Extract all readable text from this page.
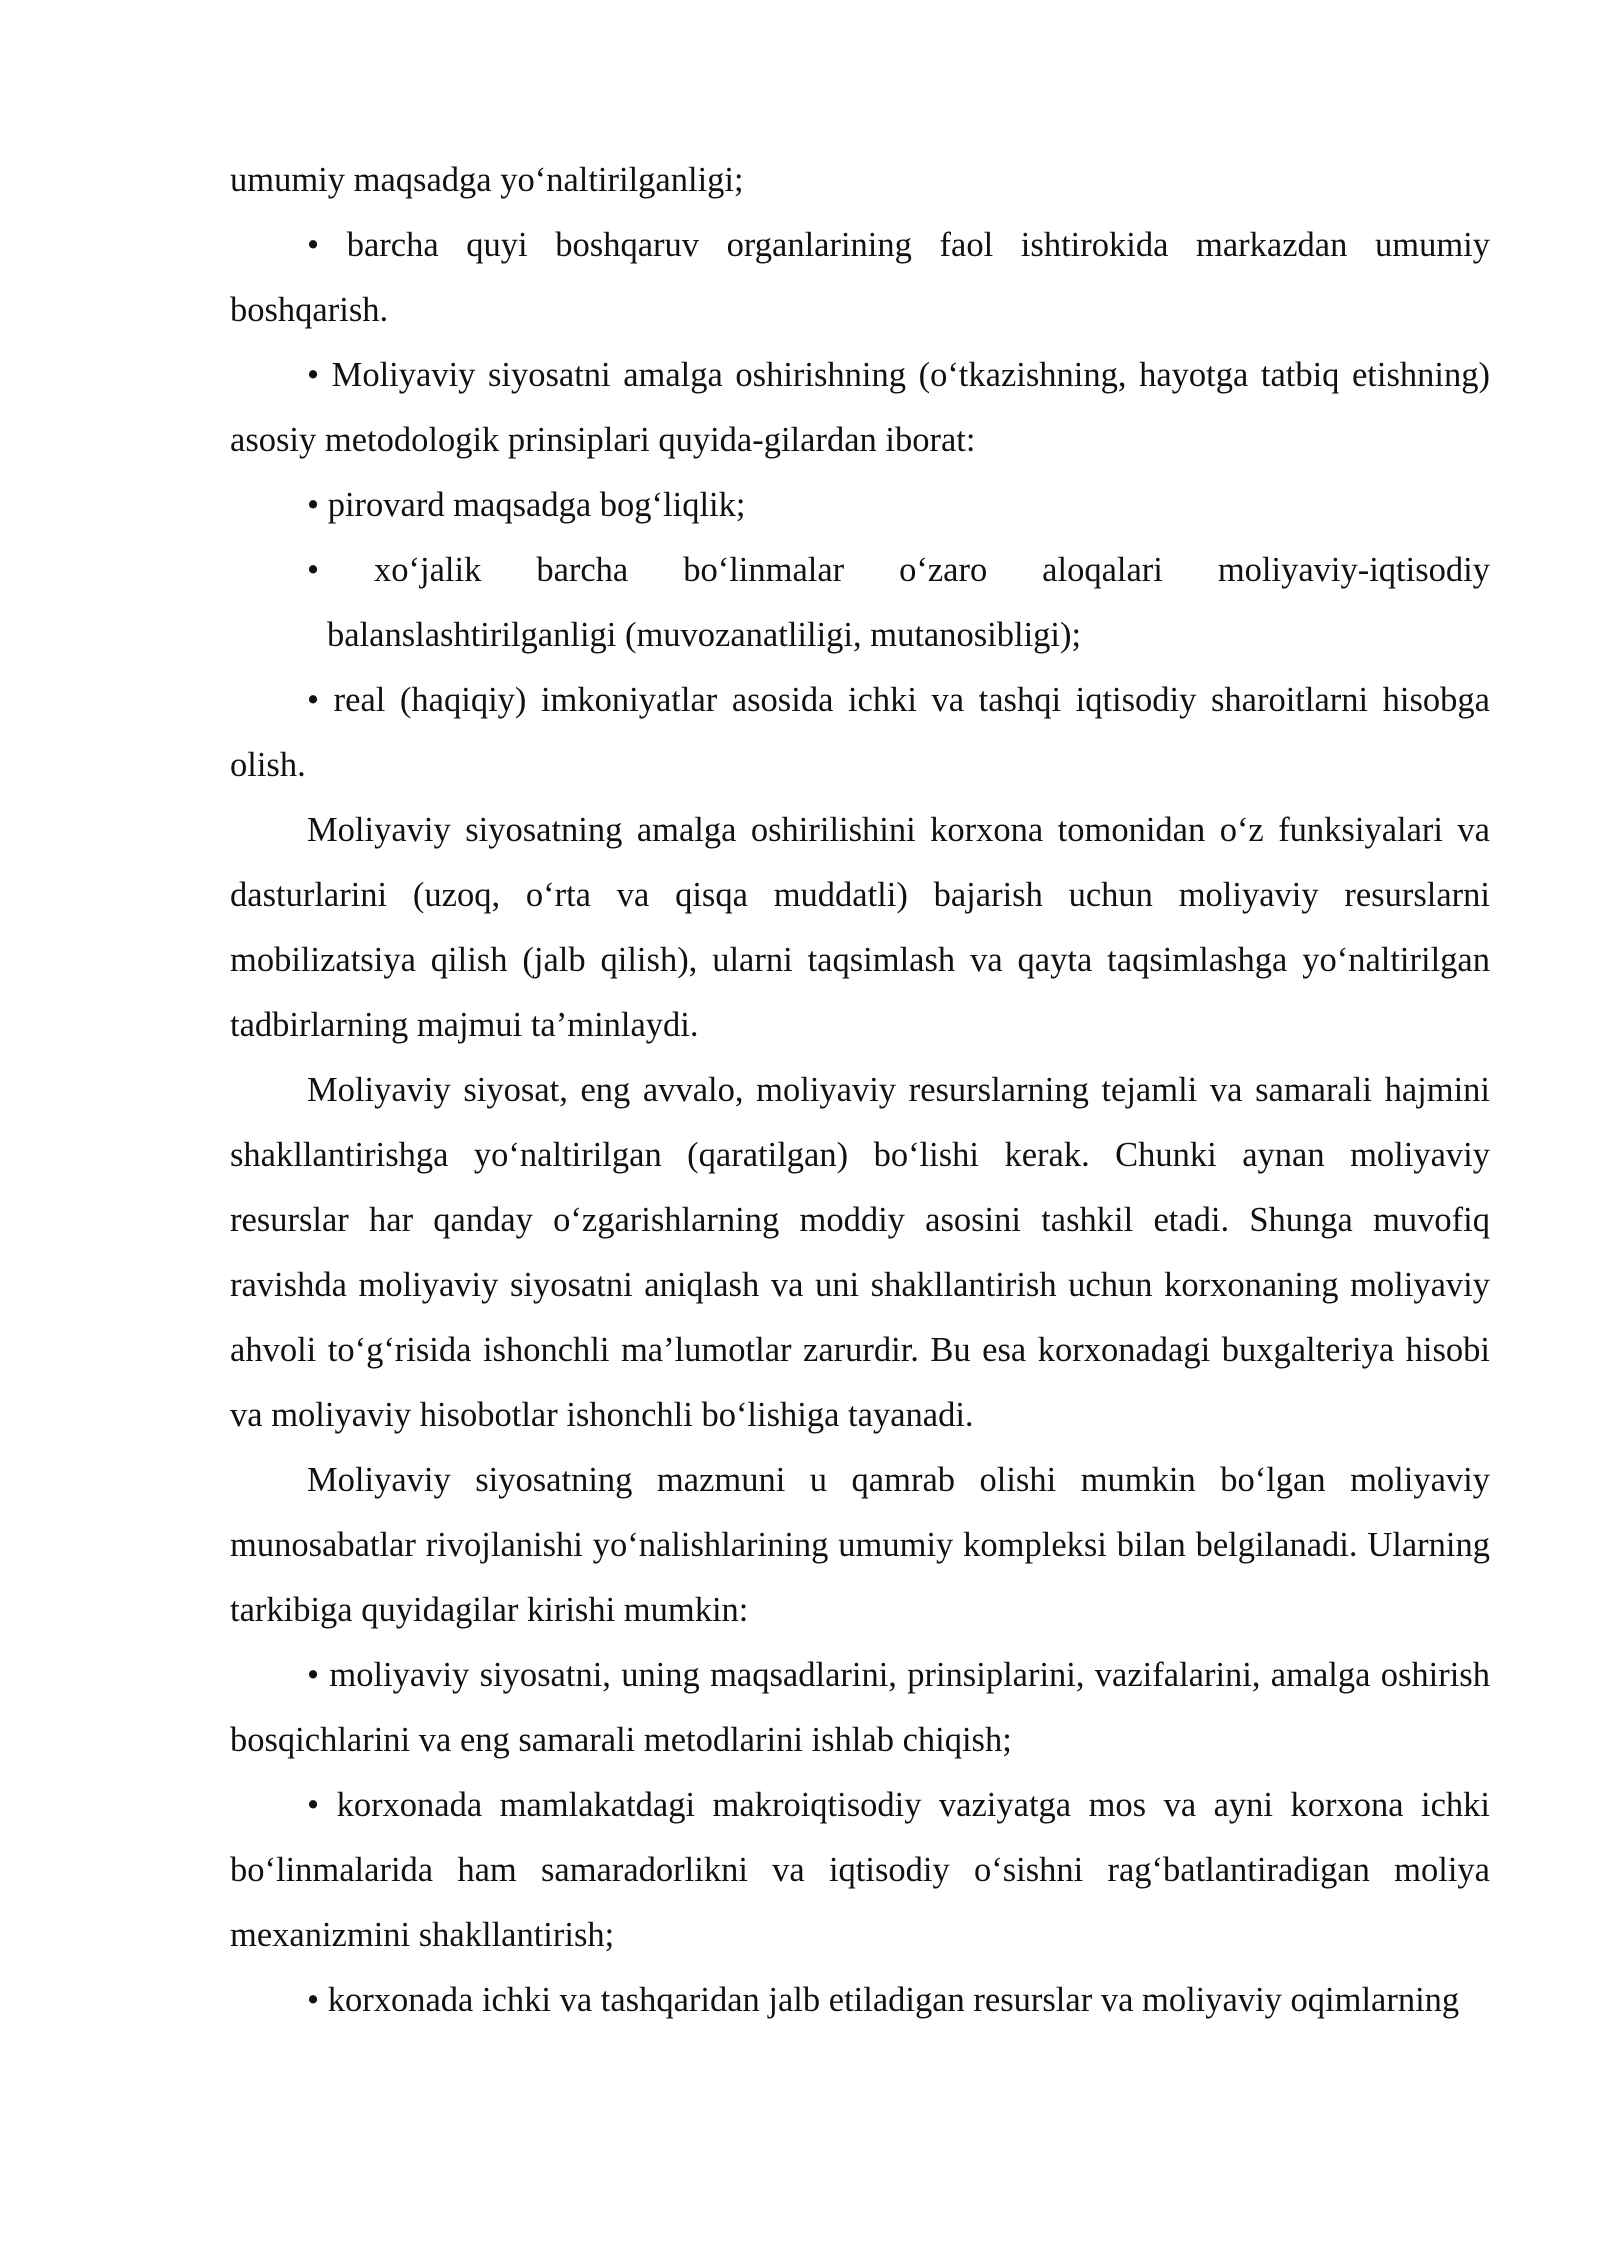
umumiy maqsadga yo‘naltirilganligi;

• barcha quyi boshqaruv organlarining faol ishtirokida markazdan umumiy boshqarish.

• Moliyaviy siyosatni amalga oshirishning (o‘tkazishning, hayotga tatbiq etishning) asosiy metodologik prinsiplari quyida-gilardan iborat:

• pirovard maqsadga bog‘liqlik;

• xo‘jalik barcha bo‘linmalar o‘zaro aloqalari moliyaviy-iqtisodiy

balanslashtirilganligi (muvozanatliligi, mutanosibligi);

• real (haqiqiy) imkoniyatlar asosida ichki va tashqi iqtisodiy sharoitlarni hisobga olish.

Moliyaviy siyosatning amalga oshirilishini korxona tomonidan o‘z funksiyalari va dasturlarini (uzoq, o‘rta va qisqa muddatli) bajarish uchun moliyaviy resurslarni mobilizatsiya qilish (jalb qilish), ularni taqsimlash va qayta taqsimlashga yo‘naltirilgan tadbirlarning majmui ta’minlaydi.

Moliyaviy siyosat, eng avvalo, moliyaviy resurslarning tejamli va samarali hajmini shakllantirishga yo‘naltirilgan (qaratilgan) bo‘lishi kerak. Chunki aynan moliyaviy resurslar har qanday o‘zgarishlarning moddiy asosini tashkil etadi. Shunga muvofiq ravishda moliyaviy siyosatni aniqlash va uni shakllantirish uchun korxonaning moliyaviy ahvoli to‘g‘risida ishonchli ma’lumotlar zarurdir. Bu esa korxonadagi buxgalteriya hisobi va moliyaviy hisobotlar ishonchli bo‘lishiga tayanadi.

Moliyaviy siyosatning mazmuni u qamrab olishi mumkin bo‘lgan moliyaviy munosabatlar rivojlanishi yo‘nalishlarining umumiy kompleksi bilan belgilanadi. Ularning tarkibiga quyidagilar kirishi mumkin:

• moliyaviy siyosatni, uning maqsadlarini, prinsiplarini, vazifalarini, amalga oshirish bosqichlarini va eng samarali metodlarini ishlab chiqish;

• korxonada mamlakatdagi makroiqtisodiy vaziyatga mos va ayni korxona ichki bo‘linmalarida ham samaradorlikni va iqtisodiy o‘sishni rag‘batlantiradigan moliya mexanizmini shakllantirish;

• korxonada ichki va tashqaridan jalb etiladigan resurslar va moliyaviy oqimlarning
